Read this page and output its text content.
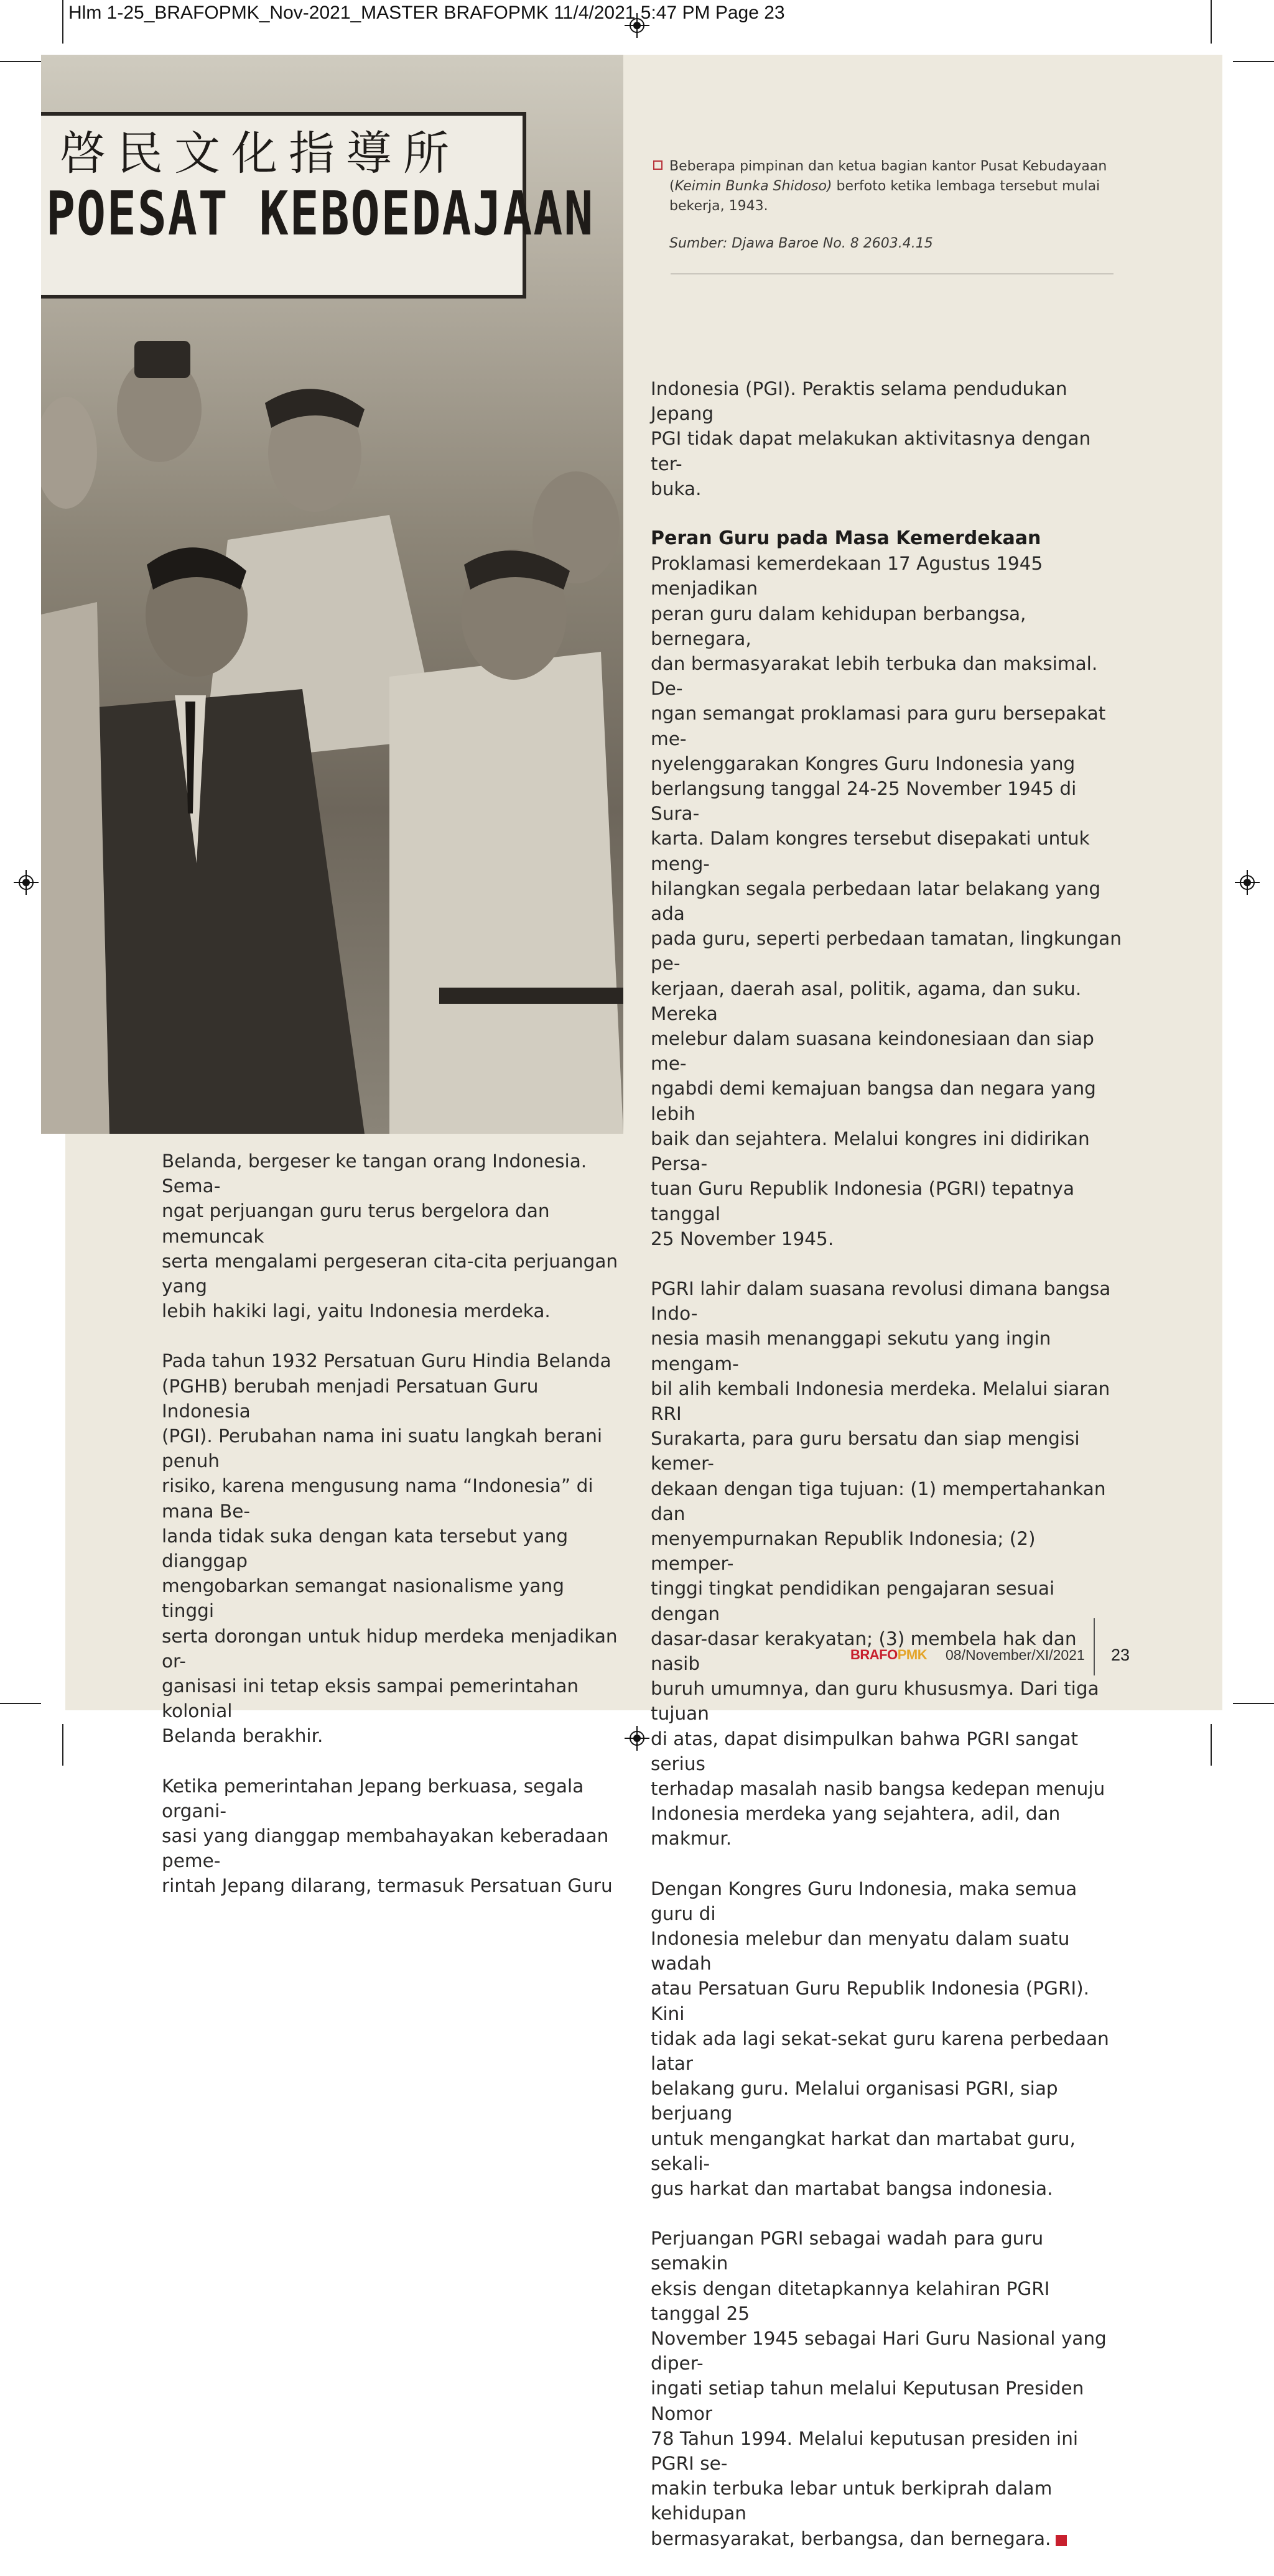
Hlm 1-25_BRAFOPMK_Nov-2021_MASTER BRAFOPMK 11/4/2021 5:47 PM Page 23
啓民文化指導所
POESAT KEBOEDAJAAN

Beberapa pimpinan dan ketua bagian kantor Pusat Kebudayaan (Keimin Bunka Shidoso) berfoto ketika lembaga tersebut mulai bekerja, 1943.

Sumber: Djawa Baroe No. 8 2603.4.15

Belanda, bergeser ke tangan orang Indonesia. Sema-
ngat perjuangan guru terus bergelora dan memuncak
serta mengalami pergeseran cita-cita perjuangan yang
lebih hakiki lagi, yaitu Indonesia merdeka.

Pada tahun 1932 Persatuan Guru Hindia Belanda
(PGHB) berubah menjadi Persatuan Guru Indonesia
(PGI). Perubahan nama ini suatu langkah berani penuh
risiko, karena mengusung nama “Indonesia” di mana Be-
landa tidak suka dengan kata tersebut yang dianggap
mengobarkan semangat nasionalisme yang tinggi
serta dorongan untuk hidup merdeka menjadikan or-
ganisasi ini tetap eksis sampai pemerintahan kolonial
Belanda berakhir.

Ketika pemerintahan Jepang berkuasa, segala organi-
sasi yang dianggap membahayakan keberadaan peme-
rintah Jepang dilarang, termasuk Persatuan Guru

Indonesia (PGI). Peraktis selama pendudukan Jepang
PGI tidak dapat melakukan aktivitasnya dengan ter-
buka.

Peran Guru pada Masa Kemerdekaan

Proklamasi kemerdekaan 17 Agustus 1945 menjadikan
peran guru dalam kehidupan berbangsa, bernegara,
dan bermasyarakat lebih terbuka dan maksimal. De-
ngan semangat proklamasi para guru bersepakat me-
nyelenggarakan Kongres Guru Indonesia yang
berlangsung tanggal 24-25 November 1945 di Sura-
karta. Dalam kongres tersebut disepakati untuk meng-
hilangkan segala perbedaan latar belakang yang ada
pada guru, seperti perbedaan tamatan, lingkungan pe-
kerjaan, daerah asal, politik, agama, dan suku. Mereka
melebur dalam suasana keindonesiaan dan siap me-
ngabdi demi kemajuan bangsa dan negara yang lebih
baik dan sejahtera. Melalui kongres ini didirikan Persa-
tuan Guru Republik Indonesia (PGRI) tepatnya tanggal
25 November 1945.

PGRI lahir dalam suasana revolusi dimana bangsa Indo-
nesia masih menanggapi sekutu yang ingin mengam-
bil alih kembali Indonesia merdeka. Melalui siaran RRI
Surakarta, para guru bersatu dan siap mengisi kemer-
dekaan dengan tiga tujuan: (1) mempertahankan dan
menyempurnakan Republik Indonesia; (2) memper-
tinggi tingkat pendidikan pengajaran sesuai dengan
dasar-dasar kerakyatan; (3) membela hak dan nasib
buruh umumnya, dan guru khususmya. Dari tiga tujuan
di atas, dapat disimpulkan bahwa PGRI sangat serius
terhadap masalah nasib bangsa kedepan menuju
Indonesia merdeka yang sejahtera, adil, dan makmur.

Dengan Kongres Guru Indonesia, maka semua guru di
Indonesia melebur dan menyatu dalam suatu wadah
atau Persatuan Guru Republik Indonesia (PGRI). Kini
tidak ada lagi sekat-sekat guru karena perbedaan latar
belakang guru. Melalui organisasi PGRI, siap berjuang
untuk mengangkat harkat dan martabat guru, sekali-
gus harkat dan martabat bangsa indonesia.

Perjuangan PGRI sebagai wadah para guru semakin
eksis dengan ditetapkannya kelahiran PGRI tanggal 25
November 1945 sebagai Hari Guru Nasional yang diper-
ingati setiap tahun melalui Keputusan Presiden Nomor
78 Tahun 1994. Melalui keputusan presiden ini PGRI se-
makin terbuka lebar untuk berkiprah dalam kehidupan
bermasyarakat, berbangsa, dan bernegara.

BRAFOPMK 08/November/XI/2021 23
